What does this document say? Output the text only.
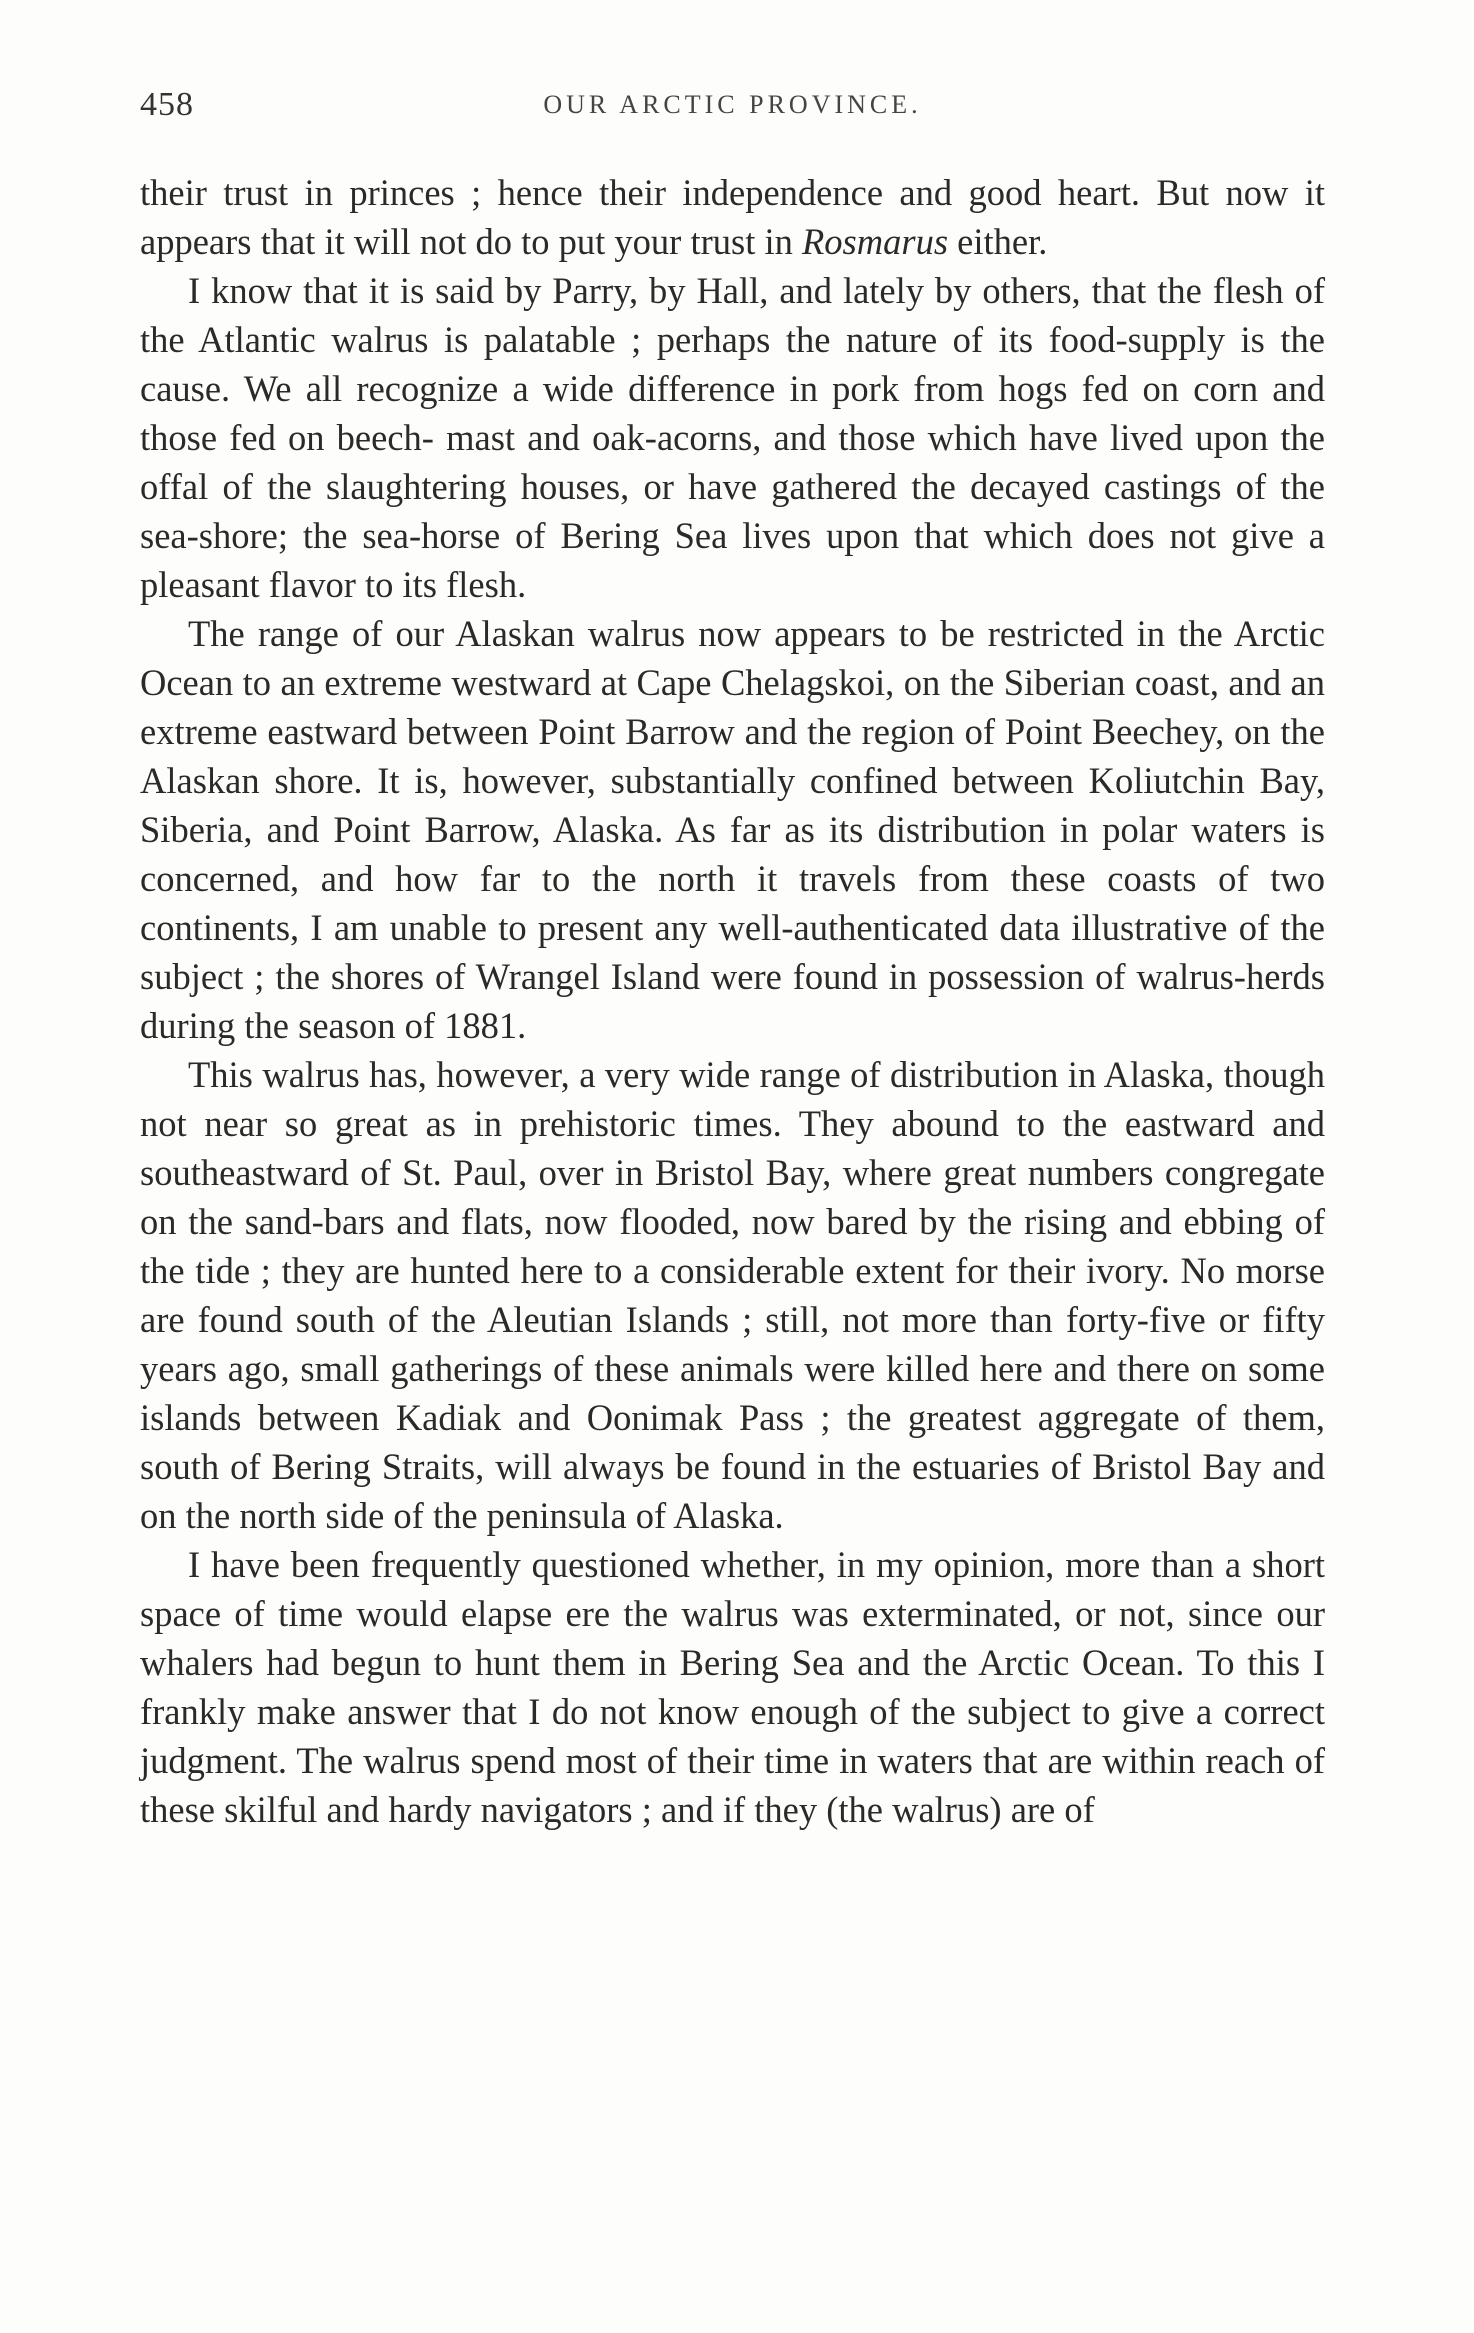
458	OUR ARCTIC PROVINCE.

their trust in princes ; hence their independence and good heart. But now it appears that it will not do to put your trust in Rosmarus either.

I know that it is said by Parry, by Hall, and lately by others, that the flesh of the Atlantic walrus is palatable ; perhaps the nature of its food-supply is the cause. We all recognize a wide difference in pork from hogs fed on corn and those fed on beech- mast and oak-acorns, and those which have lived upon the offal of the slaughtering houses, or have gathered the decayed castings of the sea-shore; the sea-horse of Bering Sea lives upon that which does not give a pleasant flavor to its flesh.

The range of our Alaskan walrus now appears to be restricted in the Arctic Ocean to an extreme westward at Cape Chelagskoi, on the Siberian coast, and an extreme eastward between Point Barrow and the region of Point Beechey, on the Alaskan shore. It is, however, substantially confined between Koliutchin Bay, Siberia, and Point Barrow, Alaska. As far as its distribution in polar waters is concerned, and how far to the north it travels from these coasts of two continents, I am unable to present any well-authenticated data illustrative of the subject ; the shores of Wrangel Island were found in possession of walrus-herds during the season of 1881.

This walrus has, however, a very wide range of distribution in Alaska, though not near so great as in prehistoric times. They abound to the eastward and southeastward of St. Paul, over in Bristol Bay, where great numbers congregate on the sand-bars and flats, now flooded, now bared by the rising and ebbing of the tide ; they are hunted here to a considerable extent for their ivory. No morse are found south of the Aleutian Islands ; still, not more than forty-five or fifty years ago, small gatherings of these animals were killed here and there on some islands between Kadiak and Oonimak Pass ; the greatest aggregate of them, south of Bering Straits, will always be found in the estuaries of Bristol Bay and on the north side of the peninsula of Alaska.

I have been frequently questioned whether, in my opinion, more than a short space of time would elapse ere the walrus was exterminated, or not, since our whalers had begun to hunt them in Bering Sea and the Arctic Ocean. To this I frankly make answer that I do not know enough of the subject to give a correct judgment. The walrus spend most of their time in waters that are within reach of these skilful and hardy navigators ; and if they (the walrus) are of
